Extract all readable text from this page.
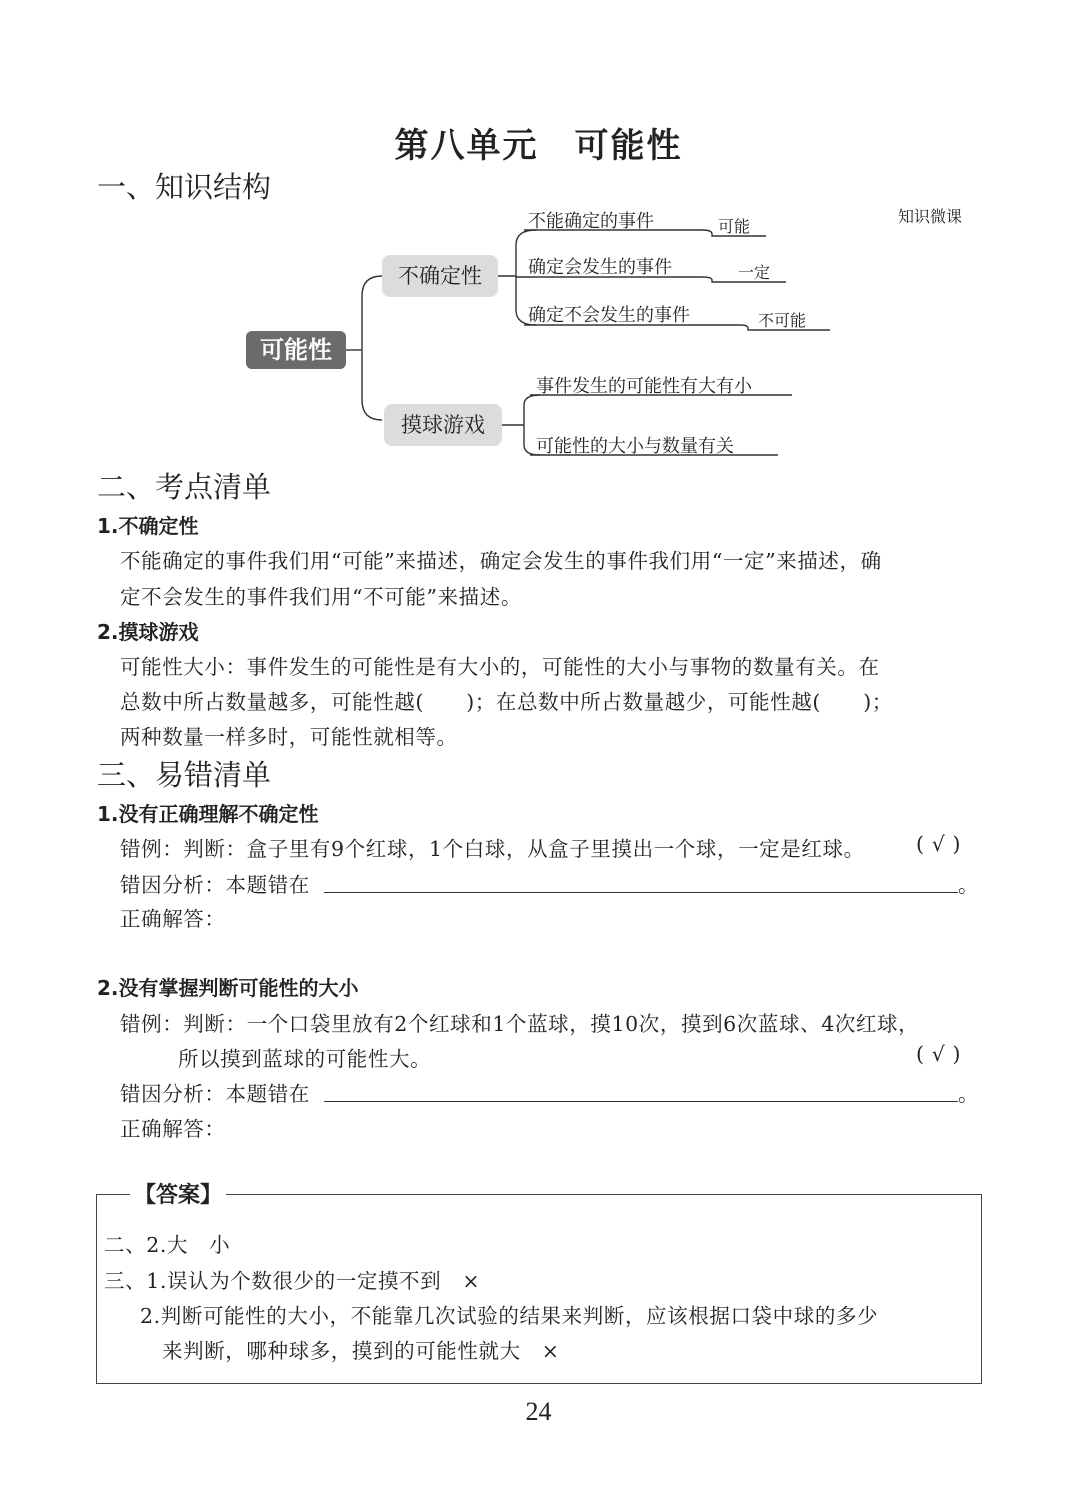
第八单元　可能性
一、知识结构
知识微课
可能性
不确定性
摸球游戏
不能确定的事件	可能
确定会发生的事件	一定
确定不会发生的事件	不可能
事件发生的可能性有大有小
可能性的大小与数量有关
二、考点清单
1.不确定性
不能确定的事件我们用“可能”来描述，确定会发生的事件我们用“一定”来描述，确
定不会发生的事件我们用“不可能”来描述。
2.摸球游戏
可能性大小：事件发生的可能性是有大小的，可能性的大小与事物的数量有关。在
总数中所占数量越多，可能性越(　　)；在总数中所占数量越少，可能性越(　　)；
两种数量一样多时，可能性就相等。
三、易错清单
1.没有正确理解不确定性
错例：判断：盒子里有9个红球，1个白球，从盒子里摸出一个球，一定是红球。	( √ )
错因分析：本题错在	。
正确解答：
2.没有掌握判断可能性的大小
错例：判断：一个口袋里放有2个红球和1个蓝球，摸10次，摸到6次蓝球、4次红球，
所以摸到蓝球的可能性大。	( √ )
错因分析：本题错在	。
正确解答：
【答案】
二、2.大　小
三、1.误认为个数很少的一定摸不到　×
2.判断可能性的大小，不能靠几次试验的结果来判断，应该根据口袋中球的多少
来判断，哪种球多，摸到的可能性就大　×
24
